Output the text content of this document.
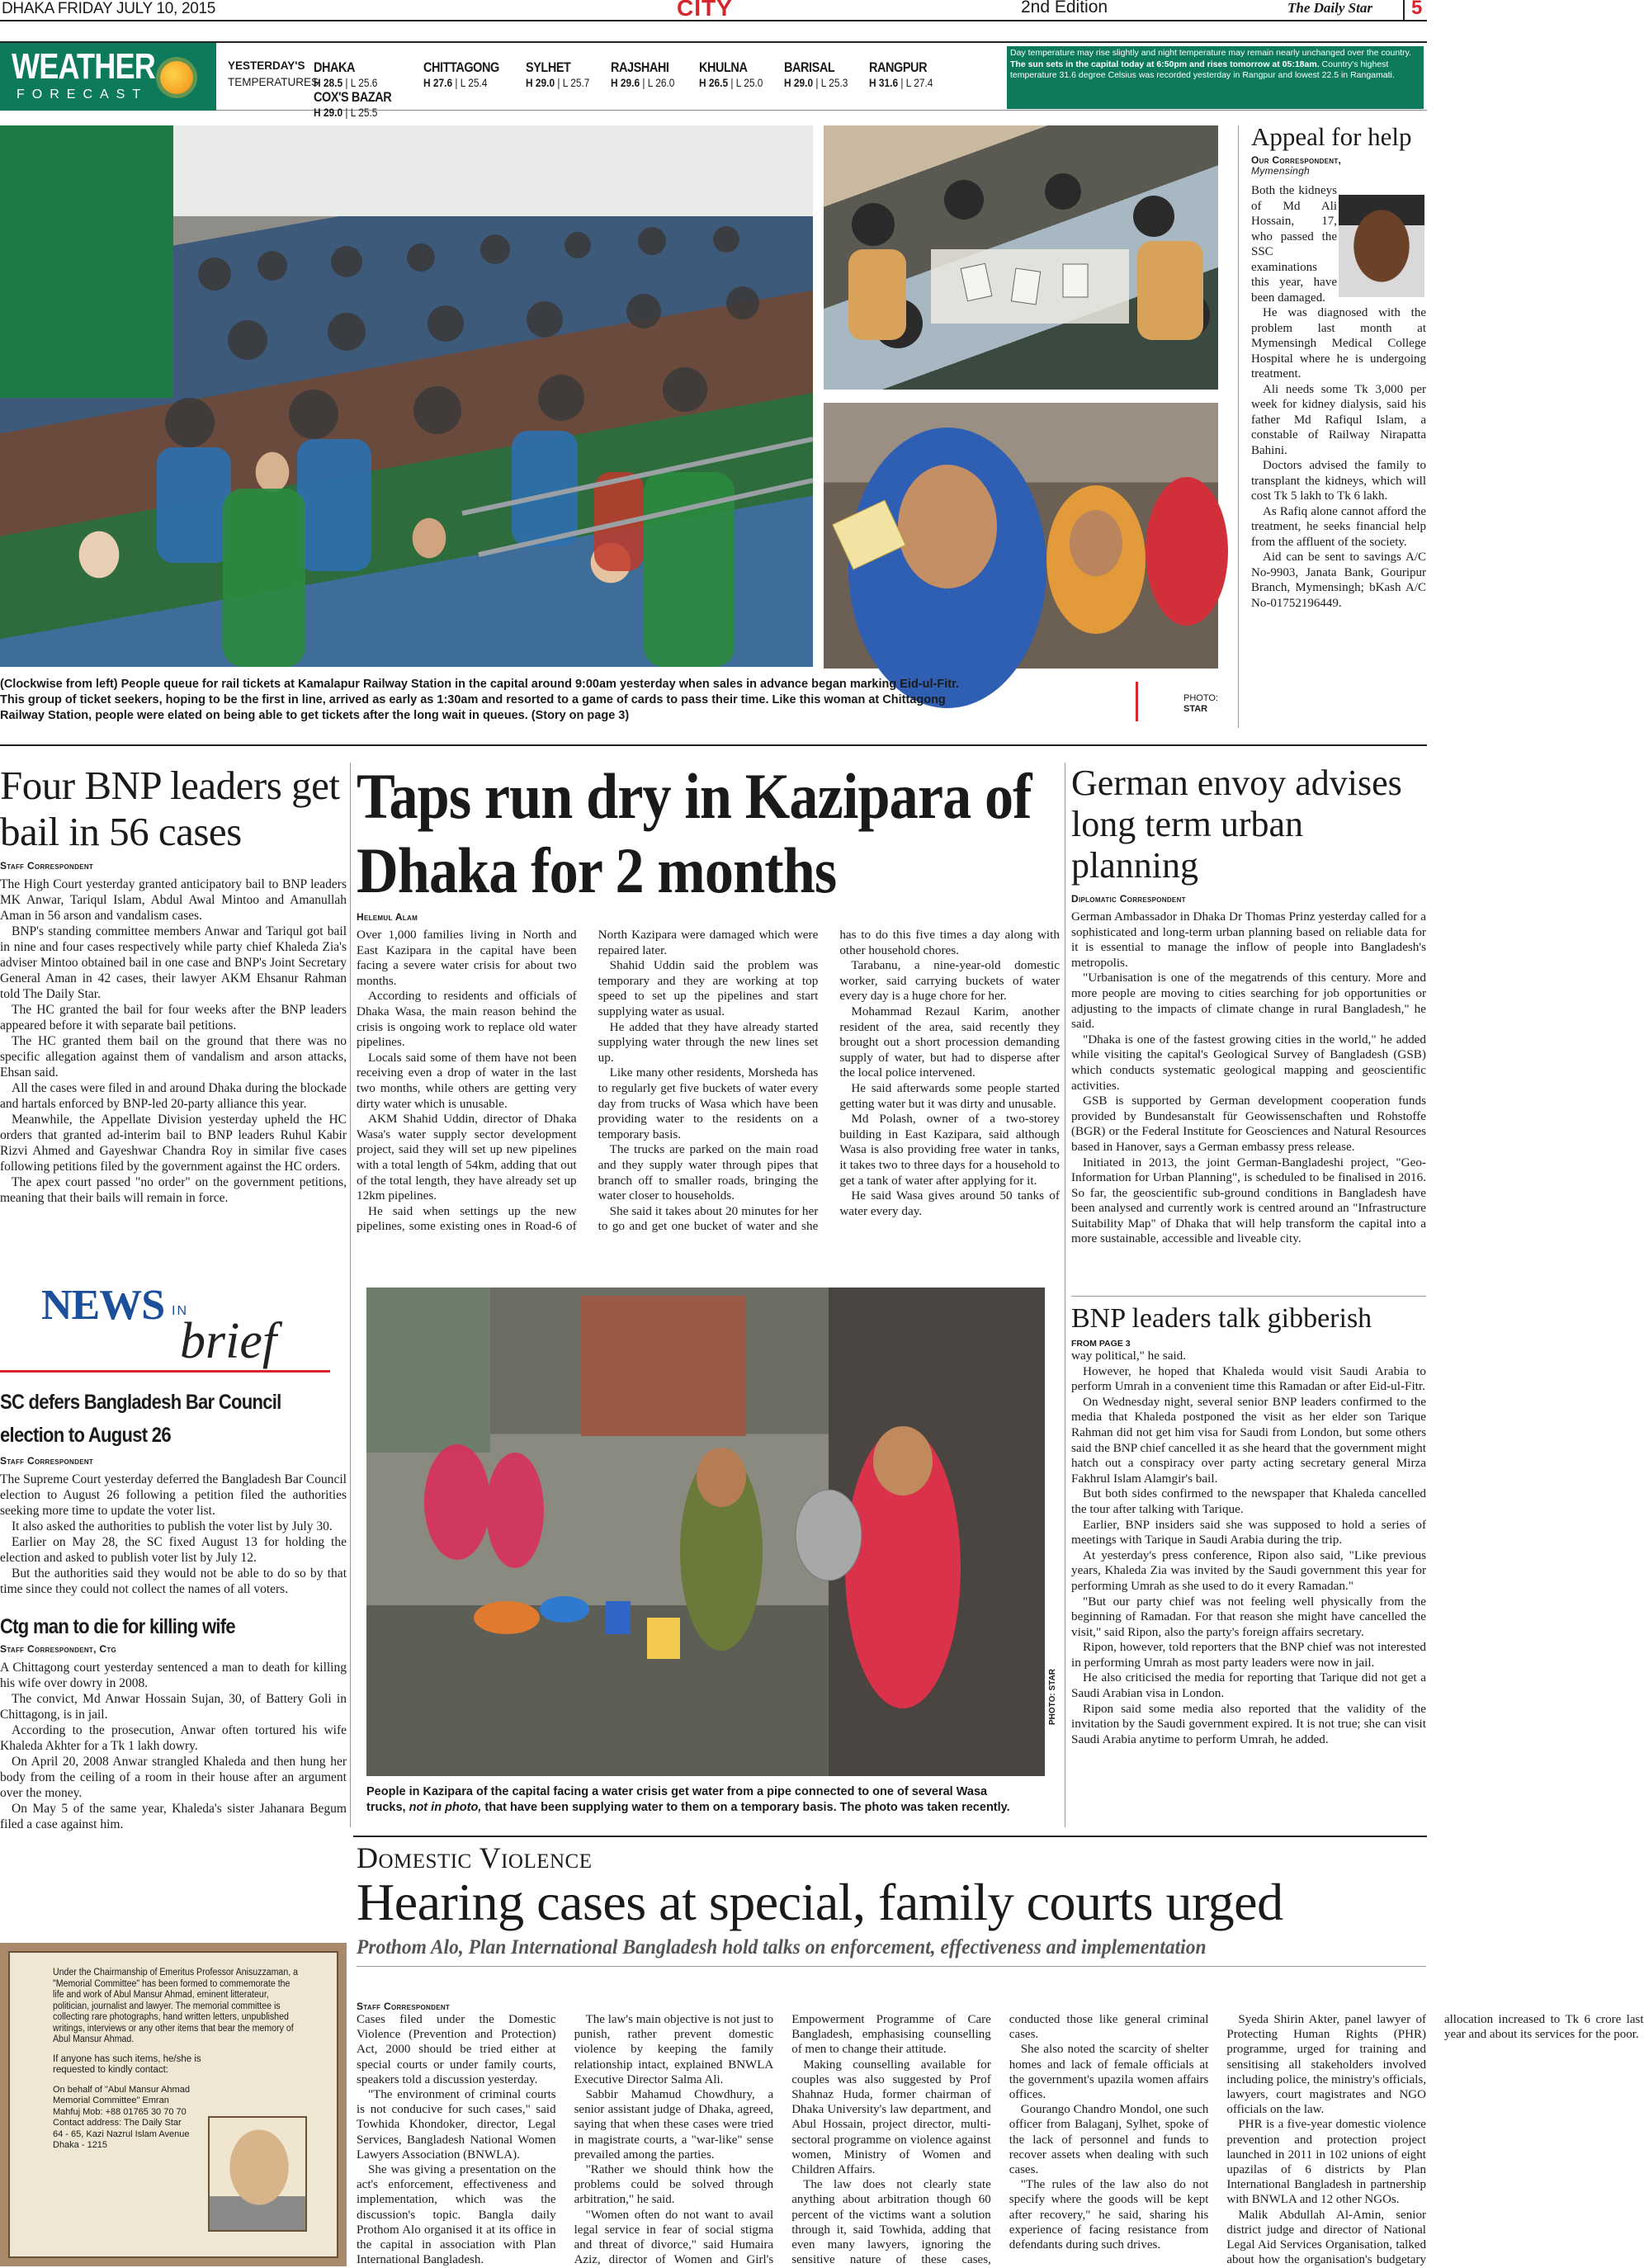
DHAKA FRIDAY JULY 10, 2015	CITY	2nd Edition	The Daily Star	5
WEATHER
FORECAST
YESTERDAY'S
TEMPERATURES
DHAKA
H 28.5 | L 25.6

CHITTAGONG
H 27.6 | L 25.4

SYLHET
H 29.0 | L 25.7

RAJSHAHI
H 29.6 | L 26.0

KHULNA
H 26.5 | L 25.0

BARISAL
H 29.0 | L 25.3

RANGPUR
H 31.6 | L 27.4

COX'S BAZAR
H 29.0 | L 25.5
Day temperature may rise slightly and night temperature may remain nearly unchanged over the country. The sun sets in the capital today at 6:50pm and rises tomorrow at 05:18am. Country's highest temperature 31.6 degree Celsius was recorded yesterday in Rangpur and lowest 22.5 in Rangamati.
(Clockwise from left) People queue for rail tickets at Kamalapur Railway Station in the capital around 9:00am yesterday when sales in advance began marking Eid-ul-Fitr. This group of ticket seekers, hoping to be the first in line, arrived as early as 1:30am and resorted to a game of cards to pass their time. Like this woman at Chittagong Railway Station, people were elated on being able to get tickets after the long wait in queues. (Story on page 3)
PHOTO:
STAR
Appeal for help
Our Correspondent,
Mymensingh

Both the kidneys of Md Ali Hossain, 17, who passed the SSC examinations this year, have been damaged.

He was diagnosed with the problem last month at Mymensingh Medical College Hospital where he is undergoing treatment.

Ali needs some Tk 3,000 per week for kidney dialysis, said his father Md Rafiqul Islam, a constable of Railway Nirapatta Bahini.

Doctors advised the family to transplant the kidneys, which will cost Tk 5 lakh to Tk 6 lakh.

As Rafiq alone cannot afford the treatment, he seeks financial help from the affluent of the society.

Aid can be sent to savings A/C No-9903, Janata Bank, Gouripur Branch, Mymensingh; bKash A/C No-01752196449.

Four BNP leaders get bail in 56 cases
Staff Correspondent

The High Court yesterday granted anticipatory bail to BNP leaders MK Anwar, Tariqul Islam, Abdul Awal Mintoo and Amanullah Aman in 56 arson and vandalism cases.

BNP's standing committee members Anwar and Tariqul got bail in nine and four cases respectively while party chief Khaleda Zia's adviser Mintoo obtained bail in one case and BNP's Joint Secretary General Aman in 42 cases, their lawyer AKM Ehsanur Rahman told The Daily Star.

The HC granted the bail for four weeks after the BNP leaders appeared before it with separate bail petitions.

The HC granted them bail on the ground that there was no specific allegation against them of vandalism and arson attacks, Ehsan said.

All the cases were filed in and around Dhaka during the blockade and hartals enforced by BNP-led 20-party alliance this year.

Meanwhile, the Appellate Division yesterday upheld the HC orders that granted ad-interim bail to BNP leaders Ruhul Kabir Rizvi Ahmed and Gayeshwar Chandra Roy in similar five cases following petitions filed by the government against the HC orders.

The apex court passed "no order" on the government petitions, meaning that their bails will remain in force.

NEWS IN
brief
SC defers Bangladesh Bar Council election to August 26
Staff Correspondent

The Supreme Court yesterday deferred the Bangladesh Bar Council election to August 26 following a petition filed the authorities seeking more time to update the voter list.

It also asked the authorities to publish the voter list by July 30.

Earlier on May 28, the SC fixed August 13 for holding the election and asked to publish voter list by July 12.

But the authorities said they would not be able to do so by that time since they could not collect the names of all voters.

Ctg man to die for killing wife
Staff Correspondent, Ctg

A Chittagong court yesterday sentenced a man to death for killing his wife over dowry in 2008.

The convict, Md Anwar Hossain Sujan, 30, of Battery Goli in Chittagong, is in jail.

According to the prosecution, Anwar often tortured his wife Khaleda Akhter for a Tk 1 lakh dowry.

On April 20, 2008 Anwar strangled Khaleda and then hung her body from the ceiling of a room in their house after an argument over the money.

On May 5 of the same year, Khaleda's sister Jahanara Begum filed a case against him.

Under the Chairmanship of Emeritus Professor Anisuzzaman, a "Memorial Committee" has been formed to commemorate the life and work of Abul Mansur Ahmad, eminent litterateur, politician, journalist and lawyer. The memorial committee is collecting rare photographs, hand written letters, unpublished writings, interviews or any other items that bear the memory of Abul Mansur Ahmad.
If anyone has such items, he/she is requested to kindly contact:
On behalf of "Abul Mansur Ahmad Memorial Committee" Emran Mahfuj Mob: +88 01765 30 70 70 Contact address: The Daily Star 64 - 65, Kazi Nazrul Islam Avenue Dhaka - 1215
Taps run dry in Kazipara of Dhaka for 2 months
Helemul Alam

Over 1,000 families living in North and East Kazipara in the capital have been facing a severe water crisis for about two months.

According to residents and officials of Dhaka Wasa, the main reason behind the crisis is ongoing work to replace old water pipelines.

Locals said some of them have not been receiving even a drop of water in the last two months, while others are getting very dirty water which is unusable.

AKM Shahid Uddin, director of Dhaka Wasa's water supply sector development project, said they will set up new pipelines with a total length of 54km, adding that out of the total length, they have already set up 12km pipelines.

He said when settings up the new pipelines, some existing ones in Road-6 of North Kazipara were damaged which were repaired later.

Shahid Uddin said the problem was temporary and they are working at top speed to set up the pipelines and start supplying water as usual.

He added that they have already started supplying water through the new lines set up.

Like many other residents, Morsheda has to regularly get five buckets of water every day from trucks of Wasa which have been providing water to the residents on a temporary basis.

The trucks are parked on the main road and they supply water through pipes that branch off to smaller roads, bringing the water closer to households.

She said it takes about 20 minutes for her to go and get one bucket of water and she has to do this five times a day along with other household chores.

Tarabanu, a nine-year-old domestic worker, said carrying buckets of water every day is a huge chore for her.

Mohammad Rezaul Karim, another resident of the area, said recently they brought out a short procession demanding supply of water, but had to disperse after the local police intervened.

He said afterwards some people started getting water but it was dirty and unusable.

Md Polash, owner of a two-storey building in East Kazipara, said although Wasa is also providing free water in tanks, it takes two to three days for a household to get a tank of water after applying for it.

He said Wasa gives around 50 tanks of water every day.

People in Kazipara of the capital facing a water crisis get water from a pipe connected to one of several Wasa trucks, not in photo, that have been supplying water to them on a temporary basis. The photo was taken recently.
PHOTO: STAR
German envoy advises long term urban planning
Diplomatic Correspondent

German Ambassador in Dhaka Dr Thomas Prinz yesterday called for a sophisticated and long-term urban planning based on reliable data for it is essential to manage the inflow of people into Bangladesh's metropolis.

"Urbanisation is one of the megatrends of this century. More and more people are moving to cities searching for job opportunities or adjusting to the impacts of climate change in rural Bangladesh," he said.

"Dhaka is one of the fastest growing cities in the world," he added while visiting the capital's Geological Survey of Bangladesh (GSB) which conducts systematic geological mapping and geoscientific activities.

GSB is supported by German development cooperation funds provided by Bundesanstalt für Geowissenschaften und Rohstoffe (BGR) or the Federal Institute for Geosciences and Natural Resources based in Hanover, says a German embassy press release.

Initiated in 2013, the joint German-Bangladeshi project, "Geo-Information for Urban Planning", is scheduled to be finalised in 2016. So far, the geoscientific sub-ground conditions in Bangladesh have been analysed and currently work is centred around an "Infrastructure Suitability Map" of Dhaka that will help transform the capital into a more sustainable, accessible and liveable city.

BNP leaders talk gibberish
FROM PAGE 3

way political," he said.

However, he hoped that Khaleda would visit Saudi Arabia to perform Umrah in a convenient time this Ramadan or after Eid-ul-Fitr.

On Wednesday night, several senior BNP leaders confirmed to the media that Khaleda postponed the visit as her elder son Tarique Rahman did not get him visa for Saudi from London, but some others said the BNP chief cancelled it as she heard that the government might hatch out a conspiracy over party acting secretary general Mirza Fakhrul Islam Alamgir's bail.

But both sides confirmed to the newspaper that Khaleda cancelled the tour after talking with Tarique.

Earlier, BNP insiders said she was supposed to hold a series of meetings with Tarique in Saudi Arabia during the trip.

At yesterday's press conference, Ripon also said, "Like previous years, Khaleda Zia was invited by the Saudi government this year for performing Umrah as she used to do it every Ramadan."

"But our party chief was not feeling well physically from the beginning of Ramadan. For that reason she might have cancelled the visit," said Ripon, also the party's foreign affairs secretary.

Ripon, however, told reporters that the BNP chief was not interested in performing Umrah as most party leaders were now in jail.

He also criticised the media for reporting that Tarique did not get a Saudi Arabian visa in London.

Ripon said some media also reported that the validity of the invitation by the Saudi government expired. It is not true; she can visit Saudi Arabia anytime to perform Umrah, he added.

Domestic Violence
Hearing cases at special, family courts urged
Prothom Alo, Plan International Bangladesh hold talks on enforcement, effectiveness and implementation
Staff Correspondent

Cases filed under the Domestic Violence (Prevention and Protection) Act, 2000 should be tried either at special courts or under family courts, speakers told a discussion yesterday.

"The environment of criminal courts is not conducive for such cases," said Towhida Khondoker, director, Legal Services, Bangladesh National Women Lawyers Association (BNWLA).

She was giving a presentation on the act's enforcement, effectiveness and implementation, which was the discussion's topic. Bangla daily Prothom Alo organised it at its office in the capital in association with Plan International Bangladesh.

The law's main objective is not just to punish, rather prevent domestic violence by keeping the family relationship intact, explained BNWLA Executive Director Salma Ali.

Sabbir Mahamud Chowdhury, a senior assistant judge of Dhaka, agreed, saying that when these cases were tried in magistrate courts, a "war-like" sense prevailed among the parties.

"Rather we should think how the problems could be solved through arbitration," he said.

"Women often do not want to avail legal service in fear of social stigma and threat of divorce," said Humaira Aziz, director of Women and Girl's Empowerment Programme of Care Bangladesh, emphasising counselling of men to change their attitude.

Making counselling available for couples was also suggested by Prof Shahnaz Huda, former chairman of Dhaka University's law department, and Abul Hossain, project director, multi-sectoral programme on violence against women, Ministry of Women and Children Affairs.

The law does not clearly state anything about arbitration though 60 percent of the victims want a solution through it, said Towhida, adding that even many lawyers, ignoring the sensitive nature of these cases, conducted those like general criminal cases.

She also noted the scarcity of shelter homes and lack of female officials at the government's upazila women affairs offices.

Gourango Chandro Mondol, one such officer from Balaganj, Sylhet, spoke of the lack of personnel and funds to recover assets when dealing with such cases.

"The rules of the law also do not specify where the goods will be kept after recovery," he said, sharing his experience of facing resistance from defendants during such drives.

Syeda Shirin Akter, panel lawyer of Protecting Human Rights (PHR) programme, urged for training and sensitising all stakeholders involved including police, the ministry's officials, lawyers, court magistrates and NGO officials on the law.

PHR is a five-year domestic violence prevention and protection project launched in 2011 in 102 unions of eight upazilas of 6 districts by Plan International Bangladesh in partnership with BNWLA and 12 other NGOs.

Malik Abdullah Al-Amin, senior district judge and director of National Legal Aid Services Organisation, talked about how the organisation's budgetary allocation increased to Tk 6 crore last year and about its services for the poor.
